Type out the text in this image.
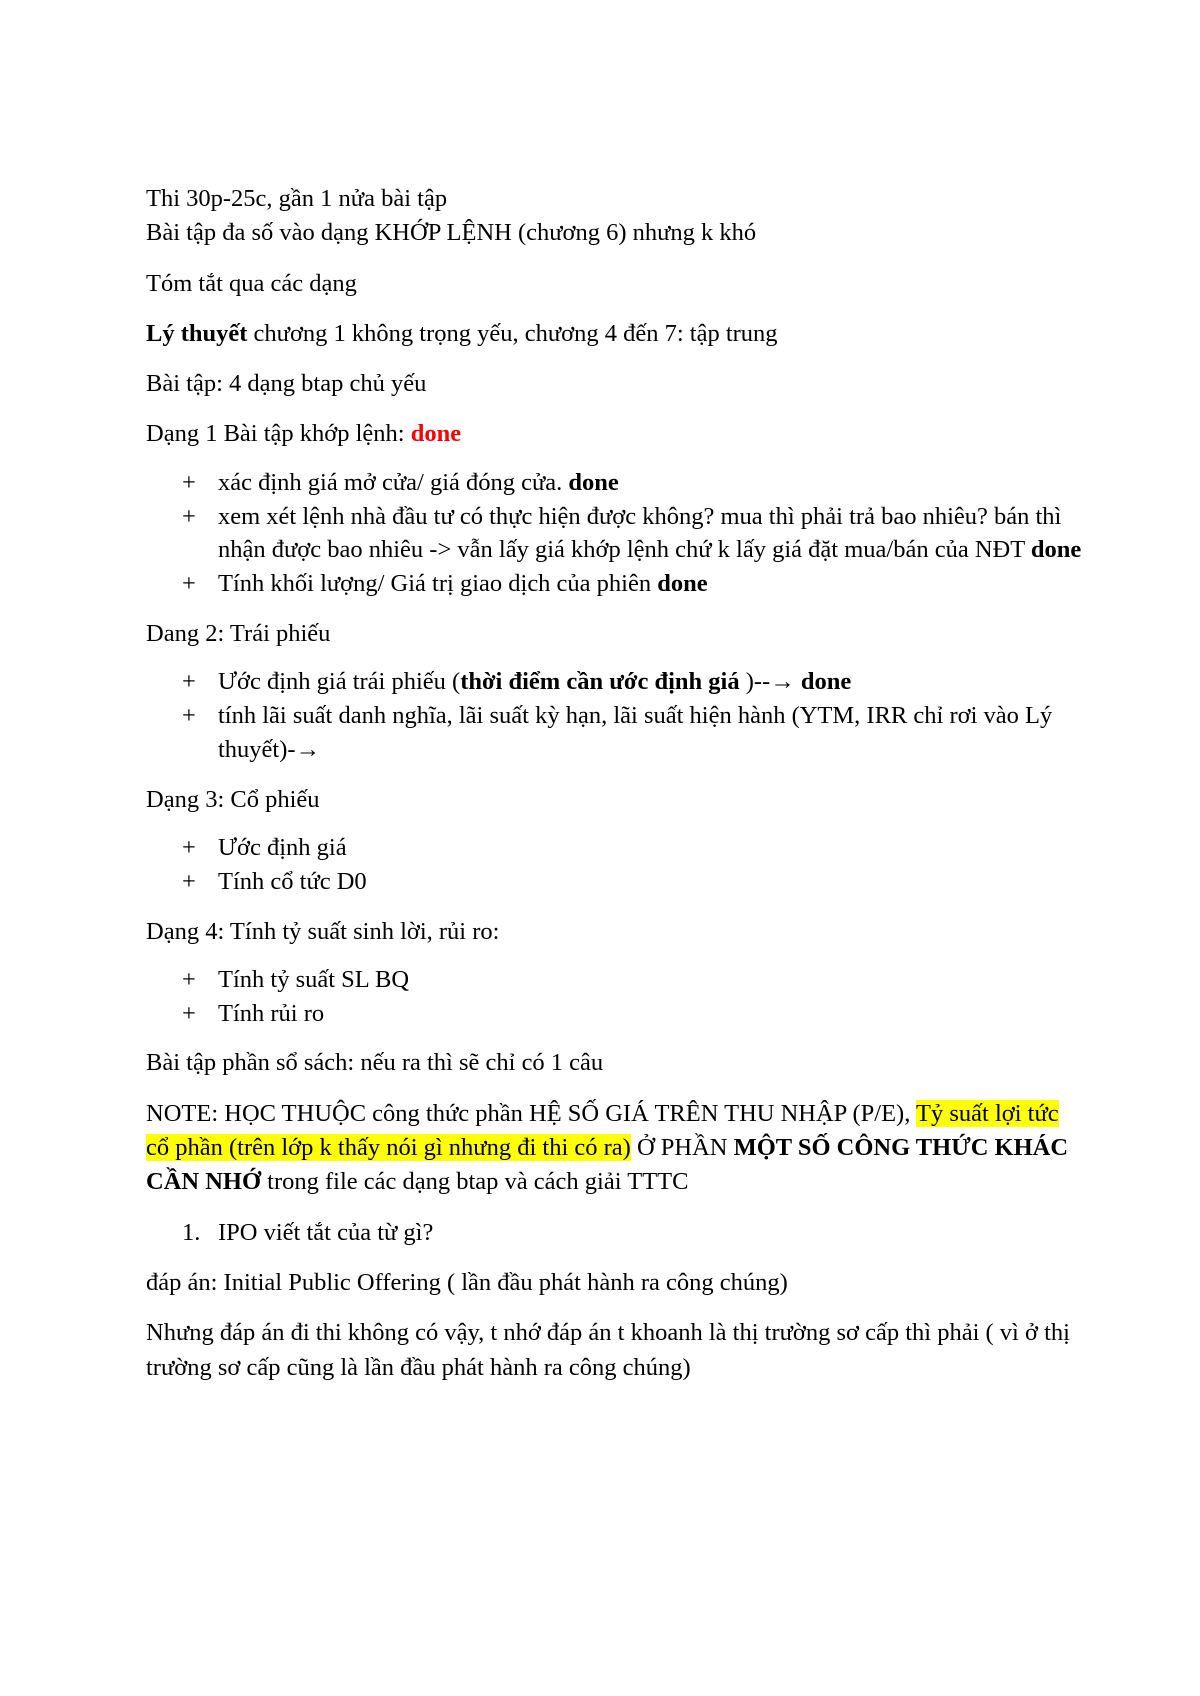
Thi 30p-25c, gần 1 nửa bài tập

Bài tập đa số vào dạng KHỚP LỆNH (chương 6) nhưng k khó

Tóm tắt qua các dạng

Lý thuyết chương 1 không trọng yếu, chương 4 đến 7: tập trung

Bài tập: 4 dạng btap chủ yếu

Dạng 1 Bài tập khớp lệnh: done

+ xác định giá mở cửa/ giá đóng cửa. done
+ xem xét lệnh nhà đầu tư có thực hiện được không? mua thì phải trả bao nhiêu? bán thì nhận được bao nhiêu -> vẫn lấy giá khớp lệnh chứ k lấy giá đặt mua/bán của NĐT done
+ Tính khối lượng/ Giá trị giao dịch của phiên done

Dang 2: Trái phiếu

+ Ước định giá trái phiếu (thời điểm cần ước định giá )--→ done
+ tính lãi suất danh nghĩa, lãi suất kỳ hạn, lãi suất hiện hành (YTM, IRR chỉ rơi vào Lý thuyết)-→

Dạng 3: Cổ phiếu

+ Ước định giá
+ Tính cổ tức D0

Dạng 4: Tính tỷ suất sinh lời, rủi ro:

+ Tính tỷ suất SL BQ
+ Tính rủi ro

Bài tập phần sổ sách: nếu ra thì sẽ chỉ có 1 câu

NOTE: HỌC THUỘC công thức phần HỆ SỐ GIÁ TRÊN THU NHẬP (P/E), Tỷ suất lợi tức cổ phần (trên lớp k thấy nói gì nhưng đi thi có ra) Ở PHẦN MỘT SỐ CÔNG THỨC KHÁC CẦN NHỚ trong file các dạng btap và cách giải TTTC

1. IPO viết tắt của từ gì?

đáp án: Initial Public Offering ( lần đầu phát hành ra công chúng)

Nhưng đáp án đi thi không có vậy, t nhớ đáp án t khoanh là thị trường sơ cấp thì phải ( vì ở thị trường sơ cấp cũng là lần đầu phát hành ra công chúng)
